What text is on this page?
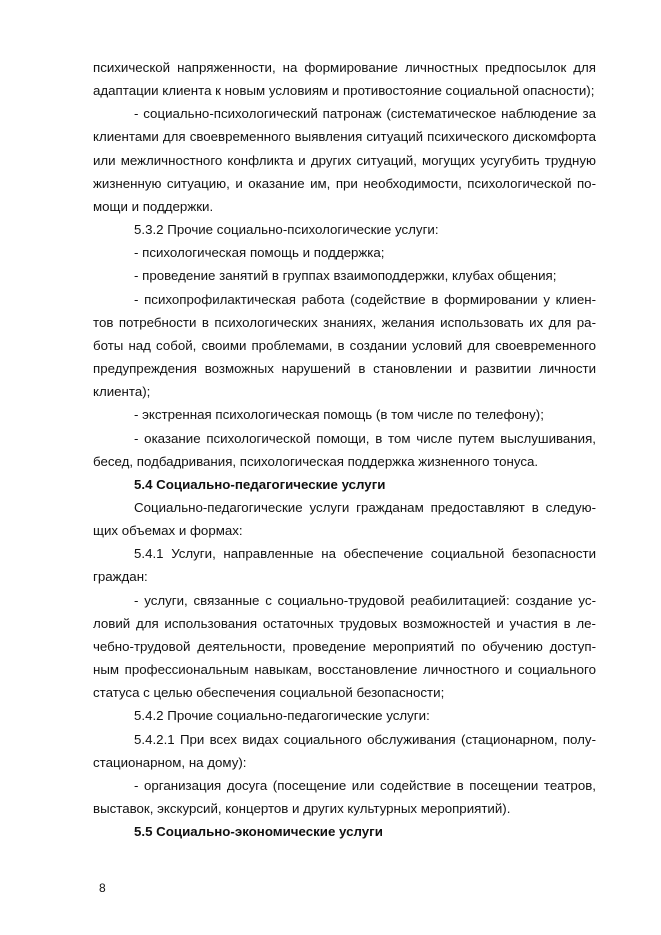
психической напряженности, на формирование личностных предпосылок для адаптации клиента к новым условиям и противостояние социальной опасности);

- социально-психологический патронаж (систематическое наблюдение за клиентами для своевременного выявления ситуаций психического дискомфорта или межличностного конфликта и других ситуаций, могущих усугубить трудную жизненную ситуацию, и оказание им, при необходимости, психологической по-мощи и поддержки.

5.3.2 Прочие социально-психологические услуги:

- психологическая помощь и поддержка;

- проведение занятий в группах взаимоподдержки, клубах общения;

- психопрофилактическая работа (содействие в формировании у клиен-тов потребности в психологических знаниях, желания использовать их для ра-боты над собой, своими проблемами, в создании условий для своевременного предупреждения возможных нарушений в становлении и развитии личности клиента);

- экстренная психологическая помощь (в том числе по телефону);

- оказание психологической помощи, в том числе путем выслушивания, бесед, подбадривания, психологическая поддержка жизненного тонуса.

5.4 Социально-педагогические услуги

Социально-педагогические услуги гражданам предоставляют в следую-щих объемах и формах:

5.4.1 Услуги, направленные на обеспечение социальной безопасности граждан:

- услуги, связанные с социально-трудовой реабилитацией: создание ус-ловий для использования остаточных трудовых возможностей и участия в ле-чебно-трудовой деятельности, проведение мероприятий по обучению доступ-ным профессиональным навыкам, восстановление личностного и социального статуса с целью обеспечения социальной безопасности;

5.4.2 Прочие социально-педагогические услуги:

5.4.2.1 При всех видах социального обслуживания (стационарном, полу-стационарном, на дому):

- организация досуга (посещение или содействие в посещении театров, выставок, экскурсий, концертов и других культурных мероприятий).

5.5 Социально-экономические услуги

8
